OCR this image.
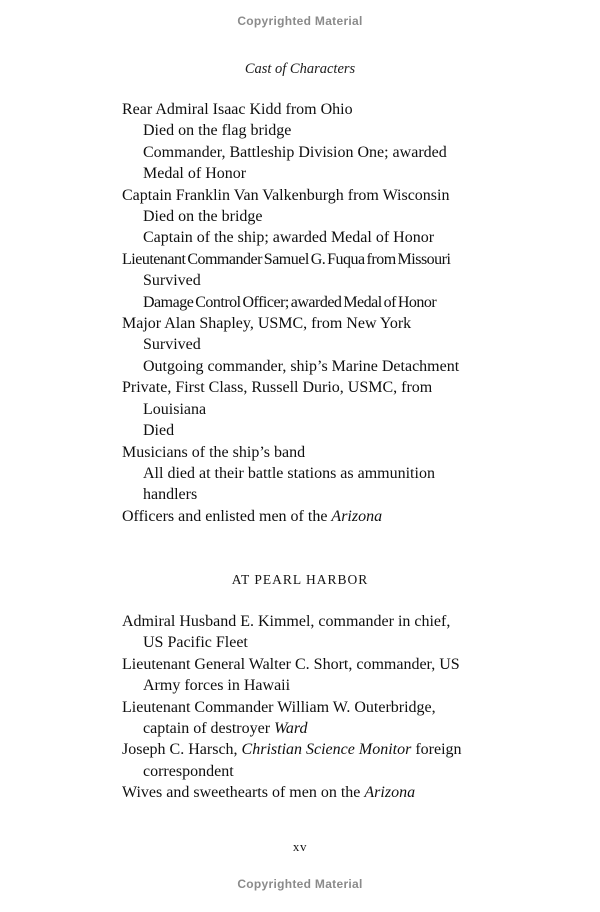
Copyrighted Material
Cast of Characters
Rear Admiral Isaac Kidd from Ohio
Died on the flag bridge
Commander, Battleship Division One; awarded
Medal of Honor
Captain Franklin Van Valkenburgh from Wisconsin
Died on the bridge
Captain of the ship; awarded Medal of Honor
Lieutenant Commander Samuel G. Fuqua from Missouri
Survived
Damage Control Officer; awarded Medal of Honor
Major Alan Shapley, USMC, from New York
Survived
Outgoing commander, ship’s Marine Detachment
Private, First Class, Russell Durio, USMC, from
Louisiana
Died
Musicians of the ship’s band
All died at their battle stations as ammunition
handlers
Officers and enlisted men of the Arizona
AT PEARL HARBOR
Admiral Husband E. Kimmel, commander in chief,
US Pacific Fleet
Lieutenant General Walter C. Short, commander, US
Army forces in Hawaii
Lieutenant Commander William W. Outerbridge,
captain of destroyer Ward
Joseph C. Harsch, Christian Science Monitor foreign
correspondent
Wives and sweethearts of men on the Arizona
xv
Copyrighted Material
